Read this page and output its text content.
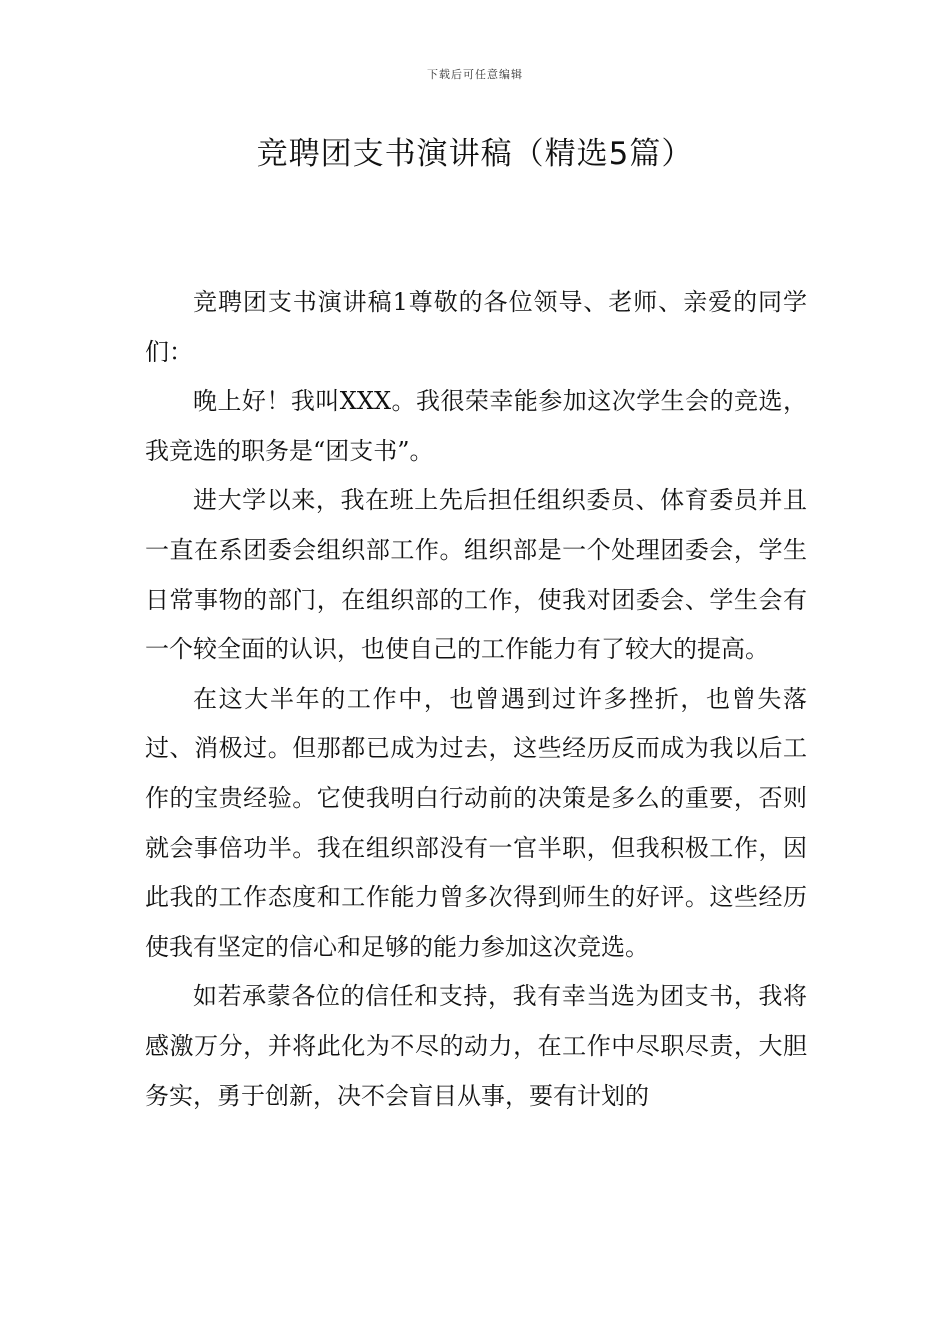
下载后可任意编辑
竞聘团支书演讲稿（精选5篇）

竞聘团支书演讲稿1尊敬的各位领导、老师、亲爱的同学们：

晚上好！我叫XXX。我很荣幸能参加这次学生会的竞选，我竞选的职务是“团支书”。

进大学以来，我在班上先后担任组织委员、体育委员并且一直在系团委会组织部工作。组织部是一个处理团委会，学生日常事物的部门，在组织部的工作，使我对团委会、学生会有一个较全面的认识，也使自己的工作能力有了较大的提高。

在这大半年的工作中，也曾遇到过许多挫折，也曾失落过、消极过。但那都已成为过去，这些经历反而成为我以后工作的宝贵经验。它使我明白行动前的决策是多么的重要，否则就会事倍功半。我在组织部没有一官半职，但我积极工作，因此我的工作态度和工作能力曾多次得到师生的好评。这些经历使我有坚定的信心和足够的能力参加这次竞选。

如若承蒙各位的信任和支持，我有幸当选为团支书，我将感激万分，并将此化为不尽的动力，在工作中尽职尽责，大胆务实，勇于创新，决不会盲目从事，要有计划的
